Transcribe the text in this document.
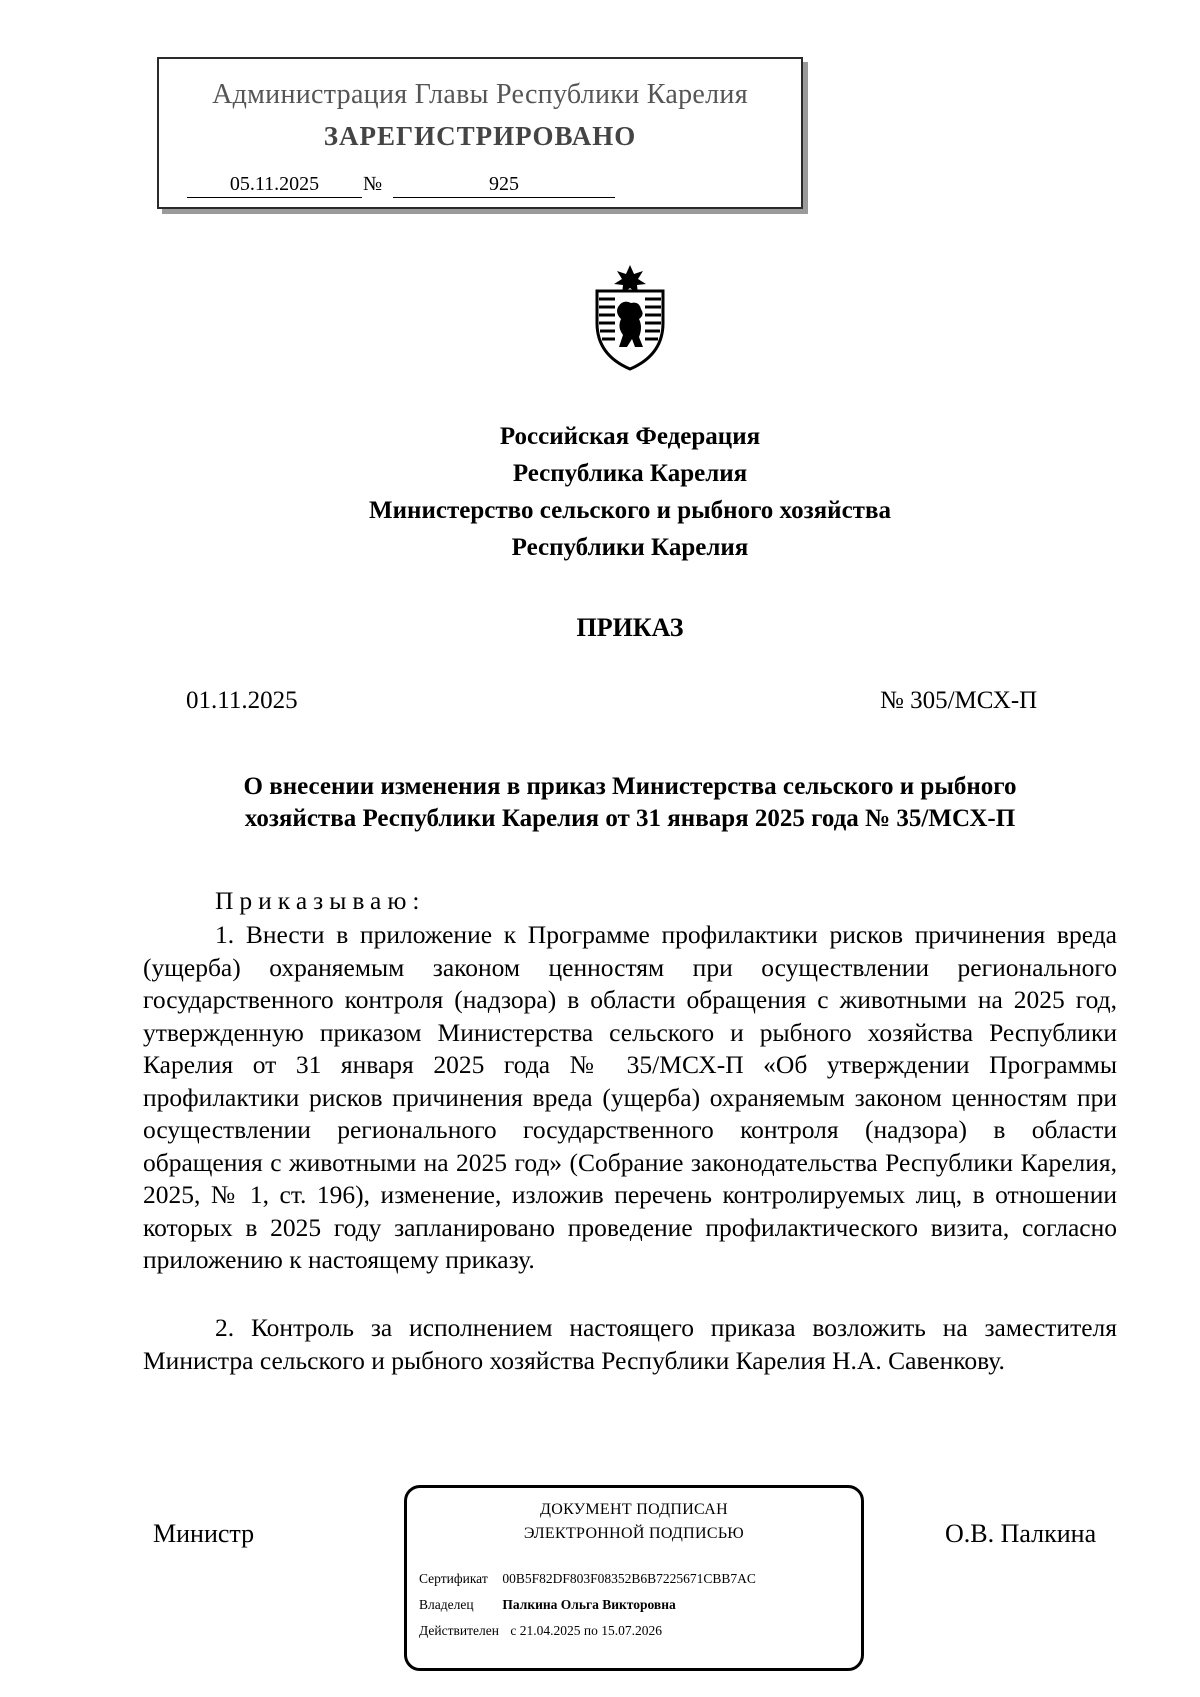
Администрация Главы Республики Карелия
ЗАРЕГИСТРИРОВАНО
05.11.2025	№	925
Российская Федерация
Республика Карелия
Министерство сельского и рыбного хозяйства
Республики Карелия
ПРИКАЗ
01.11.2025	№ 305/МСХ-П
О внесении изменения в приказ Министерства сельского и рыбного
хозяйства Республики Карелия от 31 января 2025 года № 35/МСХ-П
Приказываю:

1. Внести в приложение к Программе профилактики рисков причинения вреда (ущерба) охраняемым законом ценностям при осуществлении регионального государственного контроля (надзора) в области обращения с животными на 2025 год, утвержденную приказом Министерства сельского и рыбного хозяйства Республики Карелия от 31 января 2025 года № 35/МСХ-П «Об утверждении Программы профилактики рисков причинения вреда (ущерба) охраняемым законом ценностям при осуществлении регионального государственного контроля (надзора) в области обращения с животными на 2025 год» (Собрание законодательства Республики Карелия, 2025, № 1, ст. 196), изменение, изложив перечень контролируемых лиц, в отношении которых в 2025 году запланировано проведение профилактического визита, согласно приложению к настоящему приказу.

2. Контроль за исполнением настоящего приказа возложить на заместителя Министра сельского и рыбного хозяйства Республики Карелия Н.А. Савенкову.

Министр	О.В. Палкина
ДОКУМЕНТ ПОДПИСАН
ЭЛЕКТРОННОЙ ПОДПИСЬЮ
Сертификат 00B5F82DF803F08352B6B7225671CBB7AC
Владелец Палкина Ольга Викторовна
Действителен с 21.04.2025 по 15.07.2026
